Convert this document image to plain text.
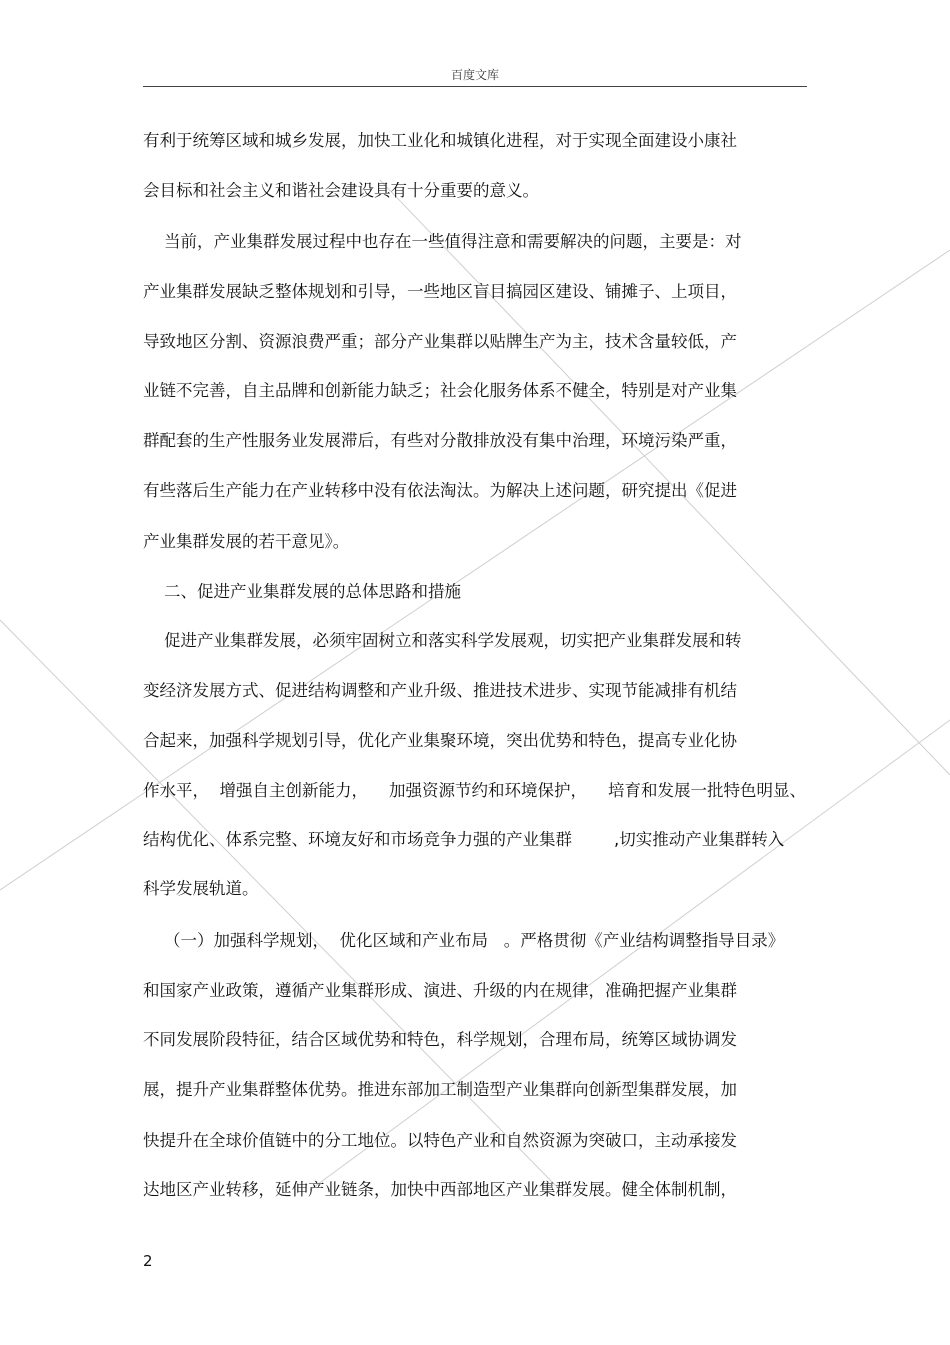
百度文库
有利于统筹区域和城乡发展，加快工业化和城镇化进程，对于实现全面建设小康社
会目标和社会主义和谐社会建设具有十分重要的意义。
当前，产业集群发展过程中也存在一些值得注意和需要解决的问题，主要是：对
产业集群发展缺乏整体规划和引导，一些地区盲目搞园区建设、铺摊子、上项目，
导致地区分割、资源浪费严重；部分产业集群以贴牌生产为主，技术含量较低，产
业链不完善，自主品牌和创新能力缺乏；社会化服务体系不健全，特别是对产业集
群配套的生产性服务业发展滞后，有些对分散排放没有集中治理，环境污染严重，
有些落后生产能力在产业转移中没有依法淘汰。为解决上述问题，研究提出《促进
产业集群发展的若干意见》。
二、促进产业集群发展的总体思路和措施
促进产业集群发展，必须牢固树立和落实科学发展观，切实把产业集群发展和转
变经济发展方式、促进结构调整和产业升级、推进技术进步、实现节能减排有机结
合起来，加强科学规划引导，优化产业集聚环境，突出优势和特色，提高专业化协
作水平，  增强自主创新能力，    加强资源节约和环境保护，    培育和发展一批特色明显、
结构优化、体系完整、环境友好和市场竞争力强的产业集群        ,切实推动产业集群转入
科学发展轨道。
（一）加强科学规划，  优化区域和产业布局   。严格贯彻《产业结构调整指导目录》
和国家产业政策，遵循产业集群形成、演进、升级的内在规律，准确把握产业集群
不同发展阶段特征，结合区域优势和特色，科学规划，合理布局，统筹区域协调发
展，提升产业集群整体优势。推进东部加工制造型产业集群向创新型集群发展，加
快提升在全球价值链中的分工地位。以特色产业和自然资源为突破口，主动承接发
达地区产业转移，延伸产业链条，加快中西部地区产业集群发展。健全体制机制，
2
